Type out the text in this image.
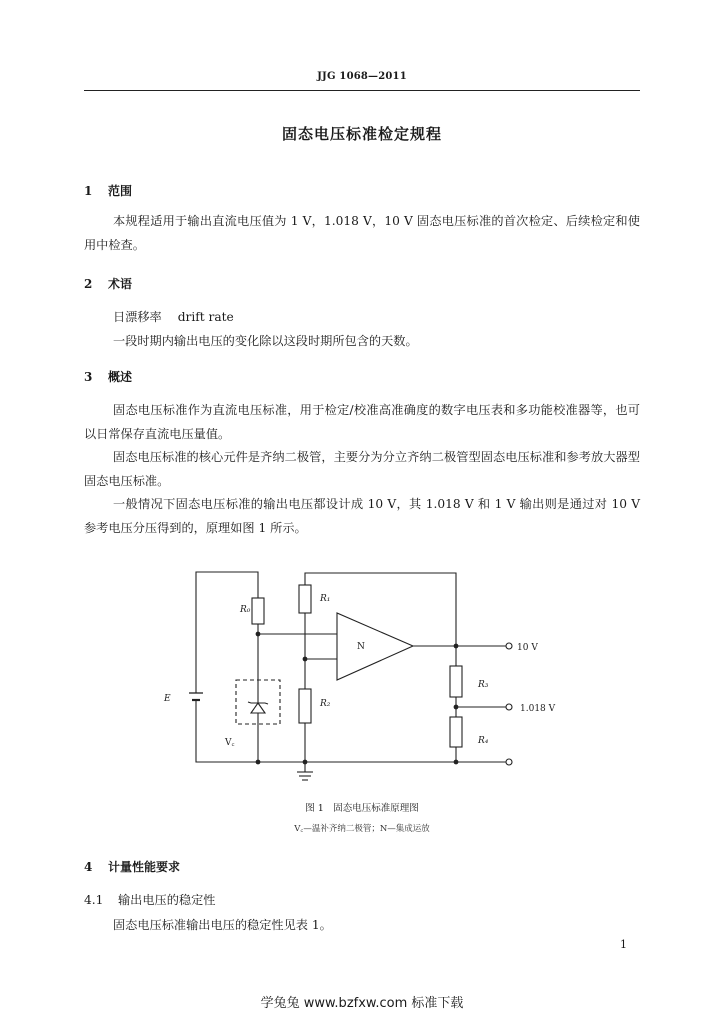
JJG 1068—2011
固态电压标准检定规程
1 范围
本规程适用于输出直流电压值为 1 V，1.018 V，10 V 固态电压标准的首次检定、后续检定和使用中检查。
2 术语
日漂移率 drift rate
一段时期内输出电压的变化除以这段时期所包含的天数。
3 概述
固态电压标准作为直流电压标准，用于检定/校准高准确度的数字电压表和多功能校准器等，也可以日常保存直流电压量值。
固态电压标准的核心元件是齐纳二极管，主要分为分立齐纳二极管型固态电压标准和参考放大器型固态电压标准。
一般情况下固态电压标准的输出电压都设计成 10 V，其 1.018 V 和 1 V 输出则是通过对 10 V 参考电压分压得到的，原理如图 1 所示。
R₀
R₁
R₂
R₃
R₄
E
V꜀
N	10 V
1.018 V
图 1　固态电压标准原理图
V꜀—温补齐纳二极管；N—集成运放
4 计量性能要求
4.1 输出电压的稳定性
固态电压标准输出电压的稳定性见表 1。
1
学兔兔 www.bzfxw.com 标准下载
